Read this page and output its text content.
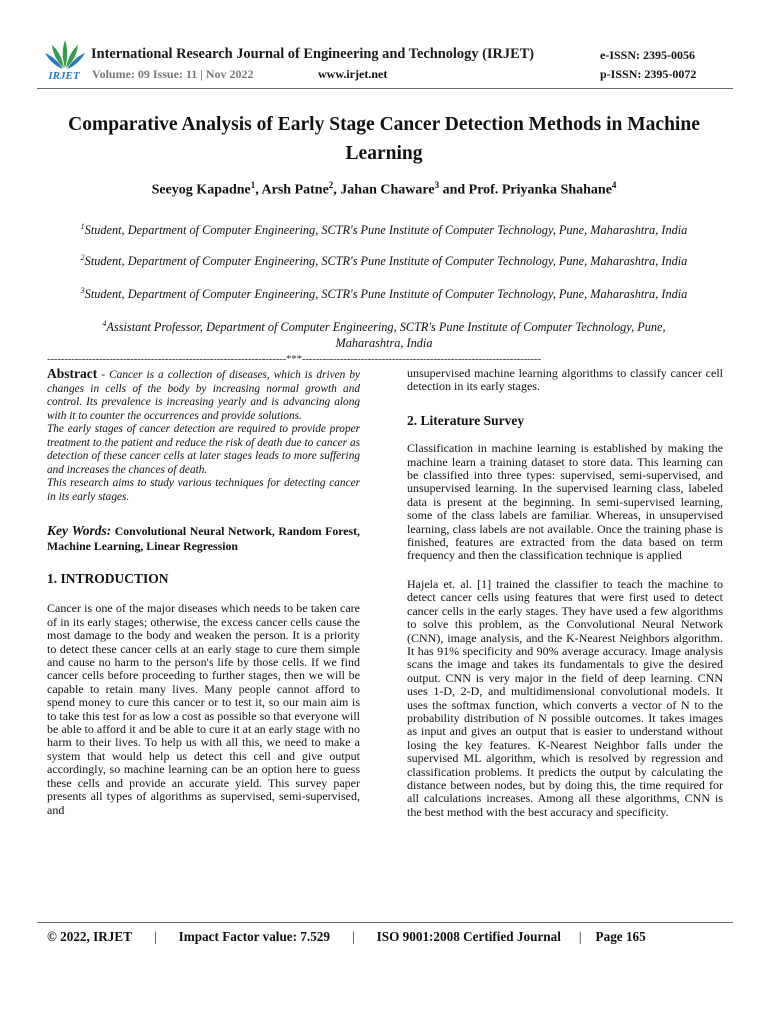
IRJET
International Research Journal of Engineering and Technology (IRJET)
Volume: 09 Issue: 11 | Nov 2022	www.irjet.net
e-ISSN: 2395-0056
p-ISSN: 2395-0072
Comparative Analysis of Early Stage Cancer Detection Methods in Machine Learning
Seeyog Kapadne$^1$, Arsh Patne$^2$, Jahan Chaware$^3$ and Prof. Priyanka Shahane$^4$
$^1$Student, Department of Computer Engineering, SCTR's Pune Institute of Computer Technology, Pune, Maharashtra, India
$^2$Student, Department of Computer Engineering, SCTR's Pune Institute of Computer Technology, Pune, Maharashtra, India
$^3$Student, Department of Computer Engineering, SCTR's Pune Institute of Computer Technology, Pune, Maharashtra, India
$^4$Assistant Professor, Department of Computer Engineering, SCTR's Pune Institute of Computer Technology, Pune, Maharashtra, India
---------------------------------------------------------------------***---------------------------------------------------------------------

Abstract - Cancer is a collection of diseases, which is driven by changes in cells of the body by increasing normal growth and control. Its prevalence is increasing yearly and is advancing along with it to counter the occurrences and provide solutions.

The early stages of cancer detection are required to provide proper treatment to the patient and reduce the risk of death due to cancer as detection of these cancer cells at later stages leads to more suffering and increases the chances of death.

This research aims to study various techniques for detecting cancer in its early stages.

Key Words: Convolutional Neural Network, Random Forest, Machine Learning, Linear Regression
1. INTRODUCTION

Cancer is one of the major diseases which needs to be taken care of in its early stages; otherwise, the excess cancer cells cause the most damage to the body and weaken the person. It is a priority to detect these cancer cells at an early stage to cure them simple and cause no harm to the person's life by those cells. If we find cancer cells before proceeding to further stages, then we will be capable to retain many lives. Many people cannot afford to spend money to cure this cancer or to test it, so our main aim is to take this test for as low a cost as possible so that everyone will be able to afford it and be able to cure it at an early stage with no harm to their lives. To help us with all this, we need to make a system that would help us detect this cell and give output accordingly, so machine learning can be an option here to guess these cells and provide an accurate yield. This survey paper presents all types of algorithms as supervised, semi-supervised, and

unsupervised machine learning algorithms to classify cancer cell detection in its early stages.

2. Literature Survey

Classification in machine learning is established by making the machine learn a training dataset to store data. This learning can be classified into three types: supervised, semi-supervised, and unsupervised learning. In the supervised learning class, labeled data is present at the beginning. In semi-supervised learning, some of the class labels are familiar. Whereas, in unsupervised learning, class labels are not available. Once the training phase is finished, features are extracted from the data based on term frequency and then the classification technique is applied

Hajela et. al. [1] trained the classifier to teach the machine to detect cancer cells using features that were first used to detect cancer cells in the early stages. They have used a few algorithms to solve this problem, as the Convolutional Neural Network (CNN), image analysis, and the K-Nearest Neighbors algorithm. It has 91% specificity and 90% average accuracy. Image analysis scans the image and takes its fundamentals to give the desired output. CNN is very major in the field of deep learning. CNN uses 1-D, 2-D, and multidimensional convolutional models. It uses the softmax function, which converts a vector of N to the probability distribution of N possible outcomes. It takes images as input and gives an output that is easier to understand without losing the key features. K-Nearest Neighbor falls under the supervised ML algorithm, which is resolved by regression and classification problems. It predicts the output by calculating the distance between nodes, but by doing this, the time required for all calculations increases. Among all these algorithms, CNN is the best method with the best accuracy and specificity.

© 2022, IRJET | Impact Factor value: 7.529 | ISO 9001:2008 Certified Journal | Page 165
